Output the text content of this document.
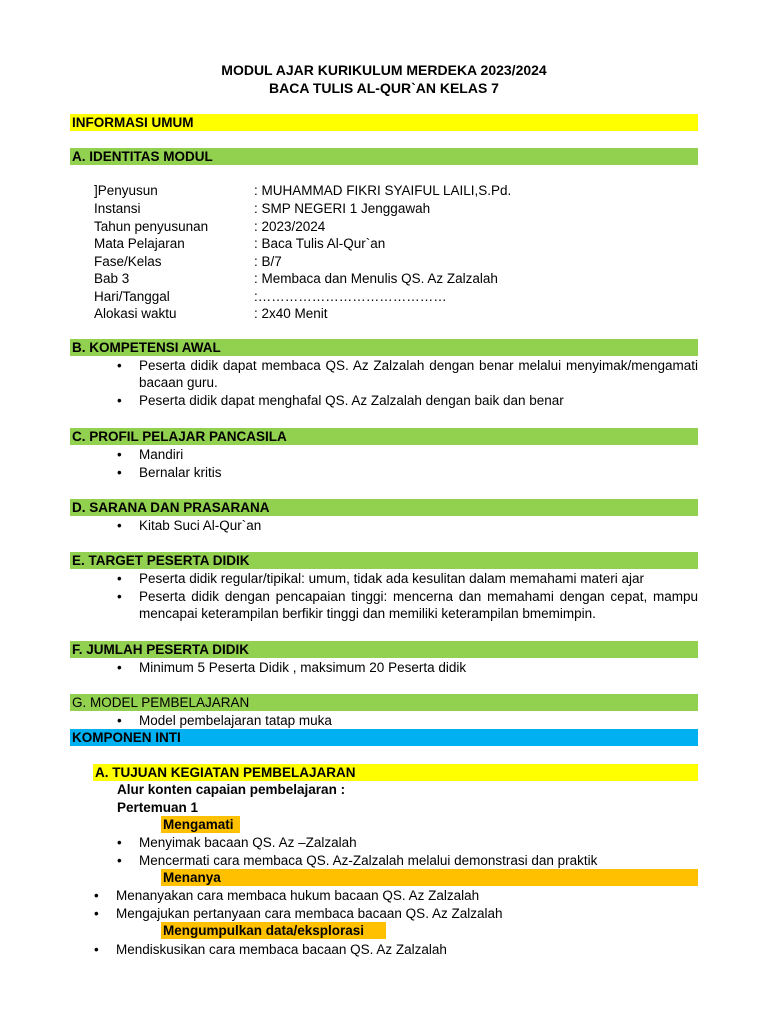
MODUL AJAR KURIKULUM MERDEKA 2023/2024
BACA TULIS AL-QUR`AN KELAS 7
INFORMASI UMUM
A. IDENTITAS MODUL
]Penyusun	: MUHAMMAD FIKRI SYAIFUL LAILI,S.Pd.
Instansi	: SMP NEGERI 1 Jenggawah
Tahun penyusunan	: 2023/2024
Mata Pelajaran	: Baca Tulis Al-Qur`an
Fase/Kelas	: B/7
Bab 3	: Membaca dan Menulis QS. Az Zalzalah
Hari/Tanggal	:……………………………………
Alokasi waktu	: 2x40 Menit
B. KOMPETENSI AWAL
• Peserta didik dapat membaca QS. Az Zalzalah dengan benar melalui menyimak/mengamati bacaan guru.
• Peserta didik dapat menghafal QS. Az Zalzalah dengan baik dan benar
C. PROFIL PELAJAR PANCASILA
• Mandiri
• Bernalar kritis
D. SARANA DAN PRASARANA
• Kitab Suci Al-Qur`an
E. TARGET PESERTA DIDIK
• Peserta didik regular/tipikal: umum, tidak ada kesulitan dalam memahami materi ajar
• Peserta didik dengan pencapaian tinggi: mencerna dan memahami dengan cepat, mampu mencapai keterampilan berfikir tinggi dan memiliki keterampilan bmemimpin.
F. JUMLAH PESERTA DIDIK
• Minimum 5 Peserta Didik , maksimum 20 Peserta didik
G. MODEL PEMBELAJARAN
• Model pembelajaran tatap muka
KOMPONEN INTI
A. TUJUAN KEGIATAN PEMBELAJARAN
Alur konten capaian pembelajaran :
Pertemuan 1
Mengamati
• Menyimak bacaan QS. Az –Zalzalah
• Mencermati cara membaca QS. Az-Zalzalah melalui demonstrasi dan praktik
Menanya
• Menanyakan cara membaca hukum bacaan QS. Az Zalzalah
• Mengajukan pertanyaan cara membaca bacaan QS. Az Zalzalah
Mengumpulkan data/eksplorasi
• Mendiskusikan cara membaca bacaan QS. Az Zalzalah
